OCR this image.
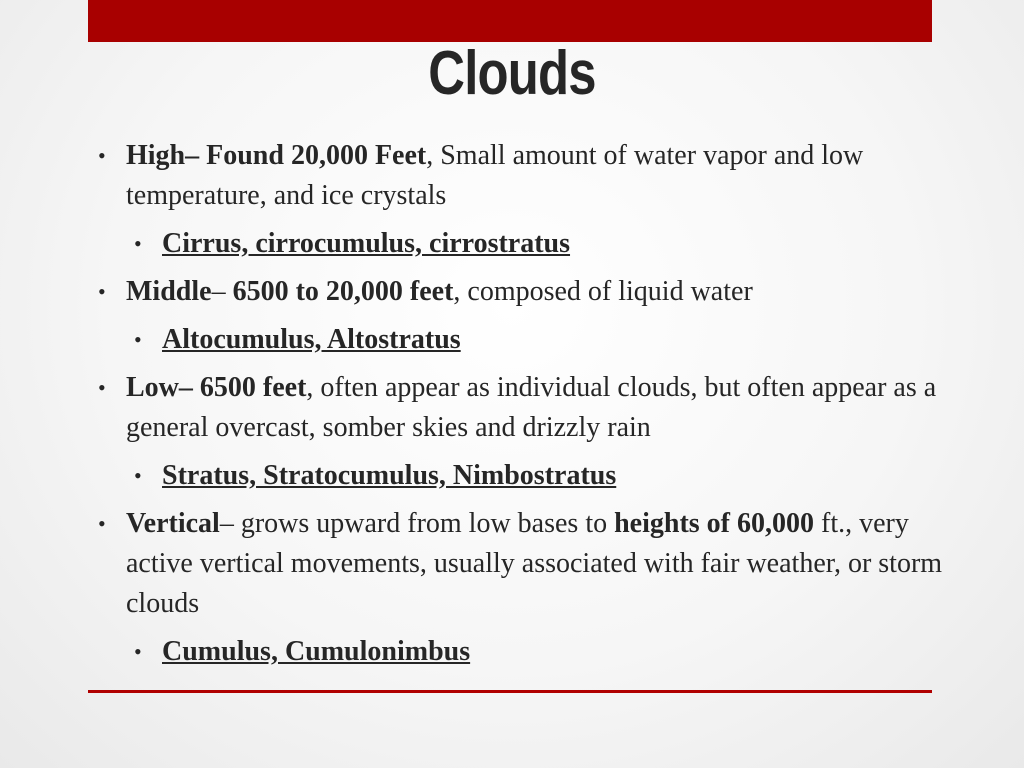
Clouds
• High– Found 20,000 Feet, Small amount of water vapor and low temperature, and ice crystals
• Cirrus, cirrocumulus, cirrostratus
• Middle– 6500 to 20,000 feet, composed of liquid water
• Altocumulus, Altostratus
• Low– 6500 feet, often appear as individual clouds, but often appear as a general overcast, somber skies and drizzly rain
• Stratus, Stratocumulus, Nimbostratus
• Vertical– grows upward from low bases to heights of 60,000 ft., very active vertical movements, usually associated with fair weather, or storm clouds
• Cumulus, Cumulonimbus
